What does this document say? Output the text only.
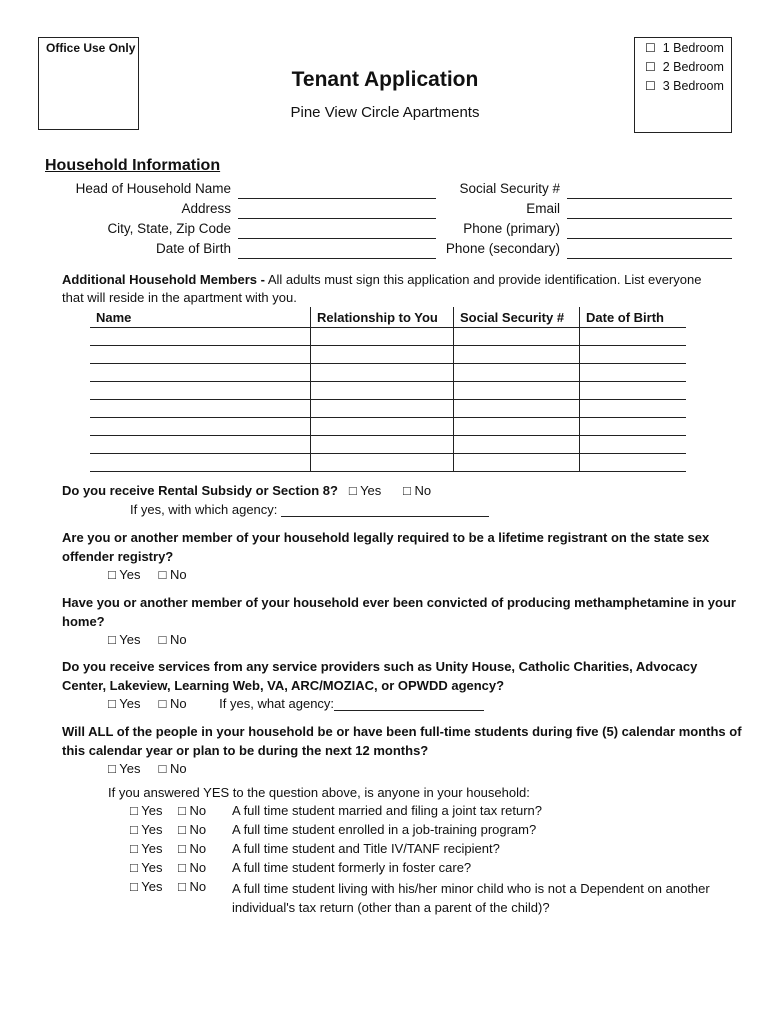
Office Use Only	☐ 1 Bedroom
☐ 2 Bedroom
☐ 3 Bedroom
Tenant Application
Pine View Circle Apartments
Household Information
Head of Household Name
Address
City, State, Zip Code
Date of Birth
Social Security #
Email
Phone (primary)
Phone (secondary)
Additional Household Members - All adults must sign this application and provide identification. List everyone that will reside in the apartment with you.
Name	Relationship to You	Social Security #	Date of Birth

Do you receive Rental Subsidy or Section 8? □ Yes □ No
If yes, with which agency:
Are you or another member of your household legally required to be a lifetime registrant on the state sex offender registry?
□ Yes □ No
Have you or another member of your household ever been convicted of producing methamphetamine in your home?
□ Yes □ No
Do you receive services from any service providers such as Unity House, Catholic Charities, Advocacy Center, Lakeview, Learning Web, VA, ARC/MOZIAC, or OPWDD agency?
□ Yes □ No	If yes, what agency:
Will ALL of the people in your household be or have been full-time students during five (5) calendar months of this calendar year or plan to be during the next 12 months?
□ Yes □ No
If you answered YES to the question above, is anyone in your household:
□ Yes □ No A full time student married and filing a joint tax return?
□ Yes □ No A full time student enrolled in a job-training program?
□ Yes □ No A full time student and Title IV/TANF recipient?
□ Yes □ No A full time student formerly in foster care?
□ Yes □ No A full time student living with his/her minor child who is not a Dependent on another individual's tax return (other than a parent of the child)?
